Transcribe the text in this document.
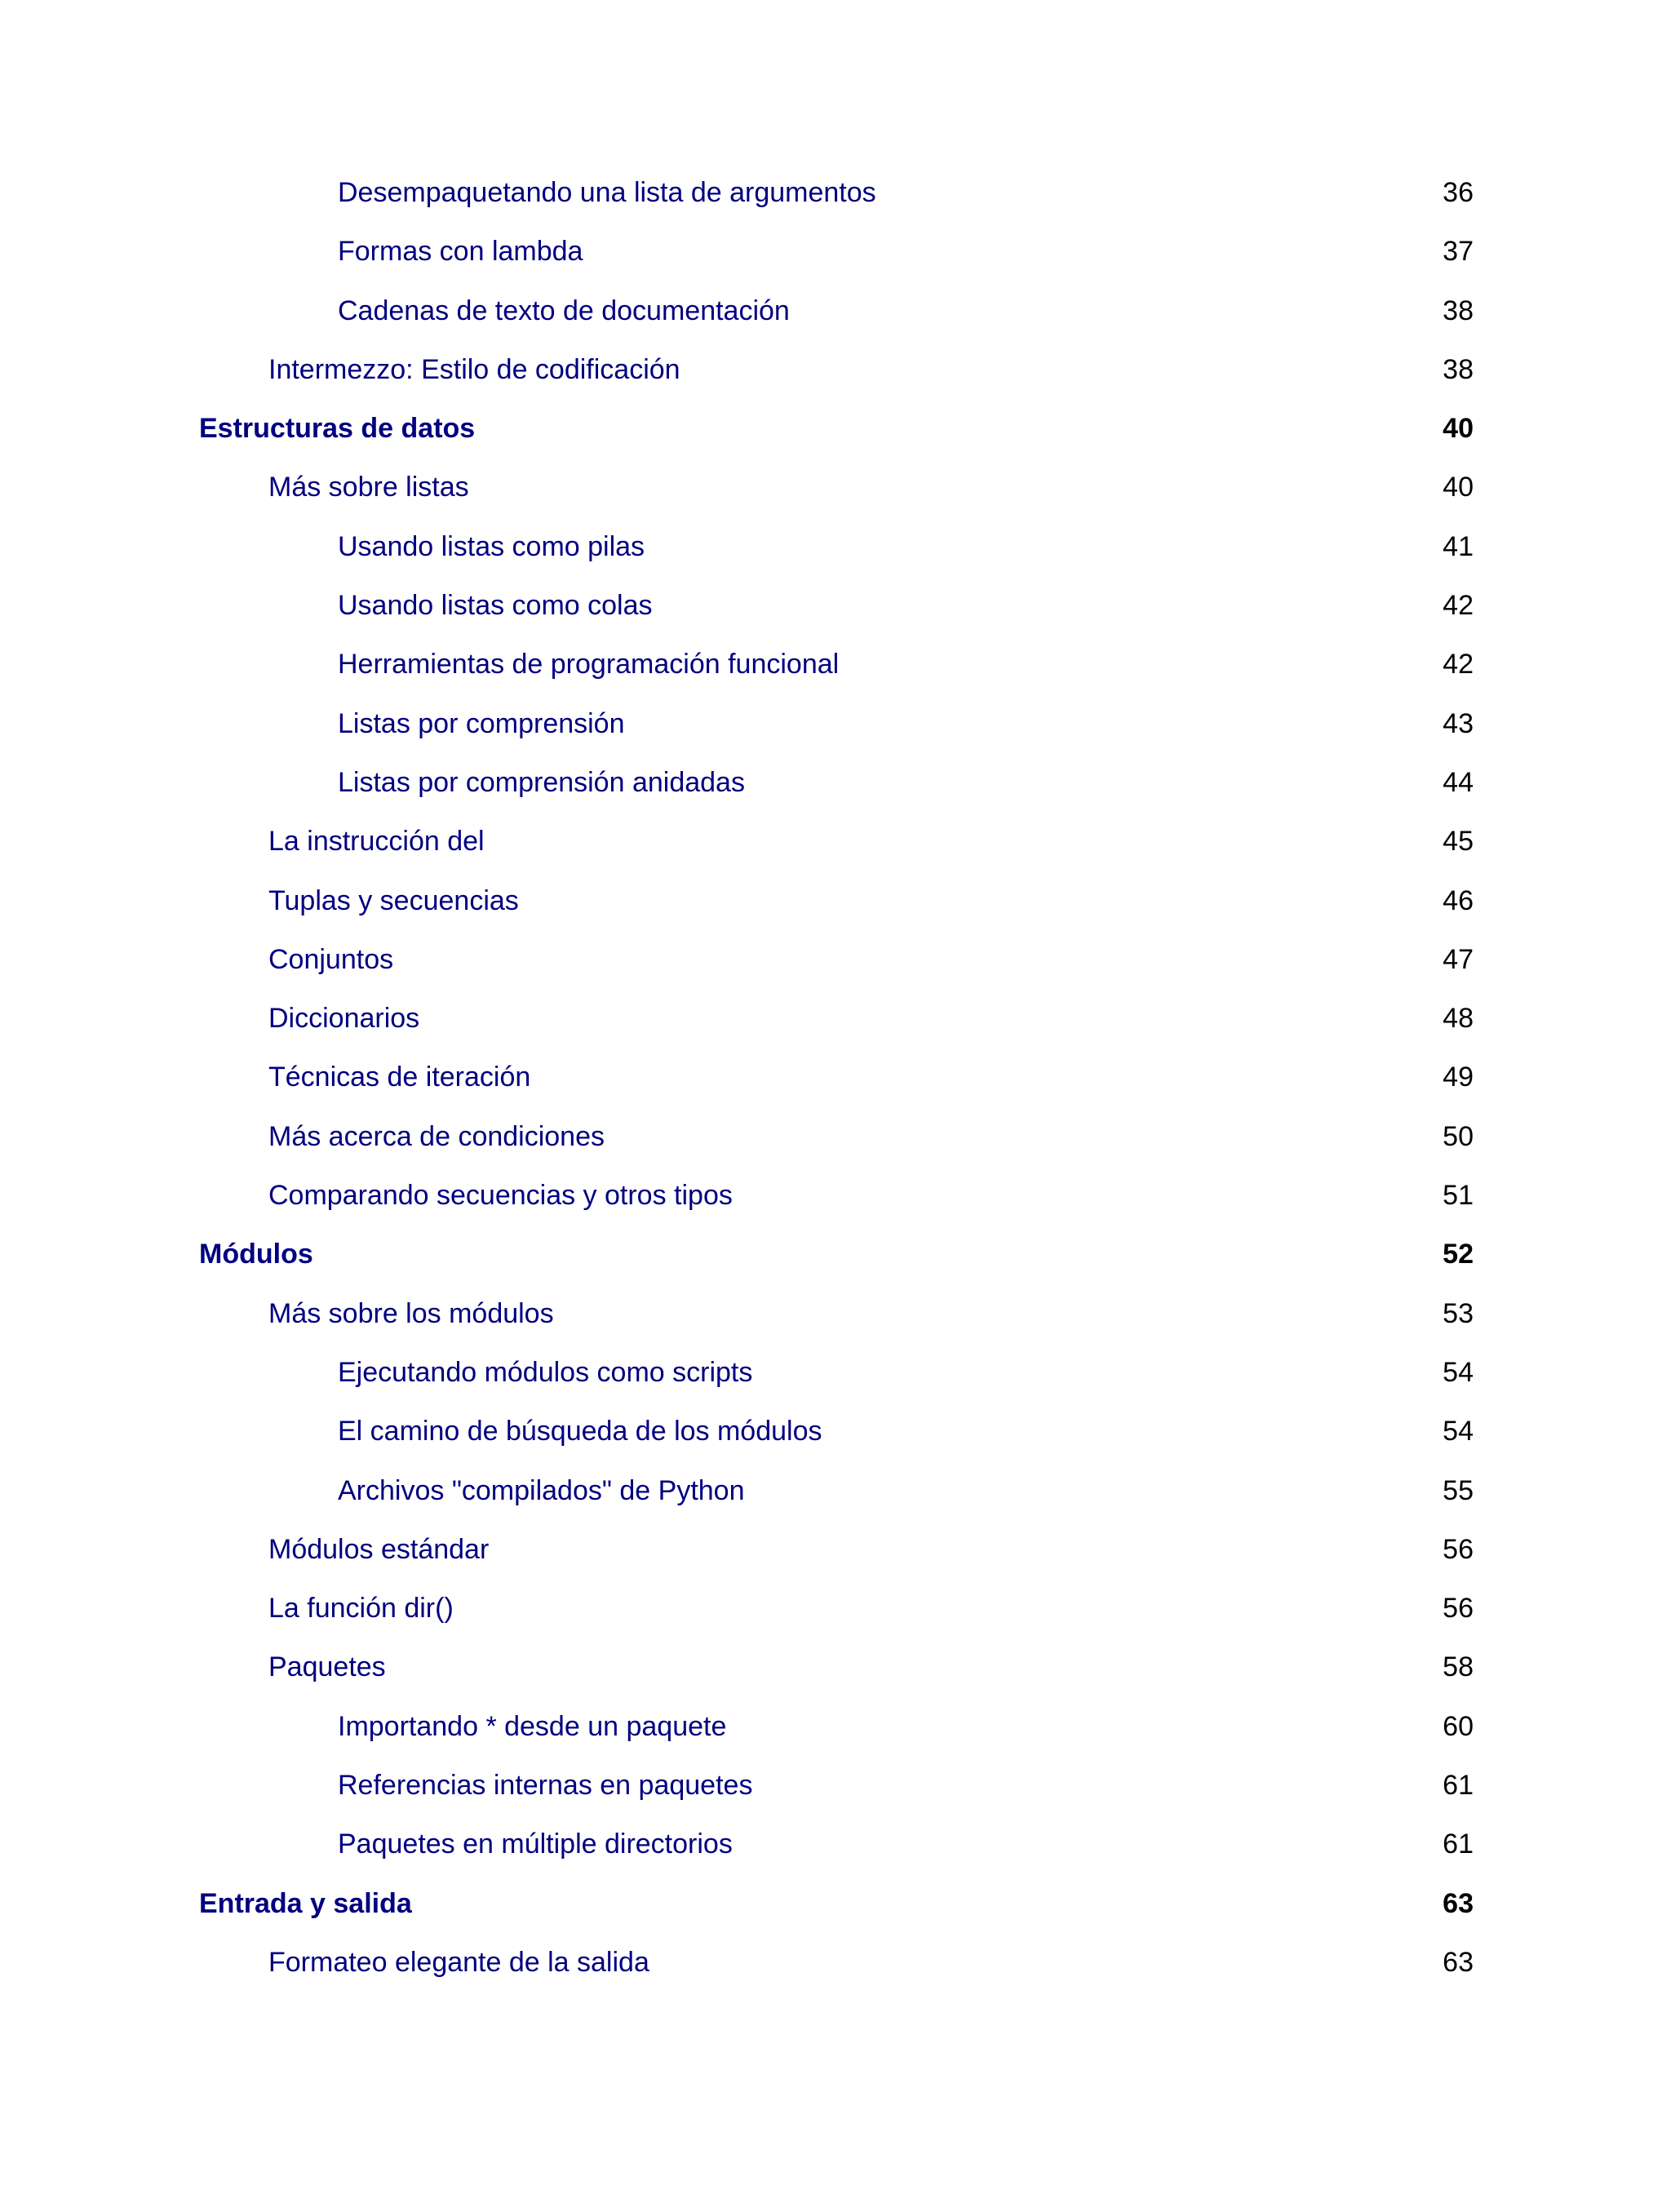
Desempaquetando una lista de argumentos	36
Formas con lambda	37
Cadenas de texto de documentación	38
Intermezzo: Estilo de codificación	38
Estructuras de datos	40
Más sobre listas	40
Usando listas como pilas	41
Usando listas como colas	42
Herramientas de programación funcional	42
Listas por comprensión	43
Listas por comprensión anidadas	44
La instrucción del	45
Tuplas y secuencias	46
Conjuntos	47
Diccionarios	48
Técnicas de iteración	49
Más acerca de condiciones	50
Comparando secuencias y otros tipos	51
Módulos	52
Más sobre los módulos	53
Ejecutando módulos como scripts	54
El camino de búsqueda de los módulos	54
Archivos "compilados" de Python	55
Módulos estándar	56
La función dir()	56
Paquetes	58
Importando * desde un paquete	60
Referencias internas en paquetes	61
Paquetes en múltiple directorios	61
Entrada y salida	63
Formateo elegante de la salida	63
